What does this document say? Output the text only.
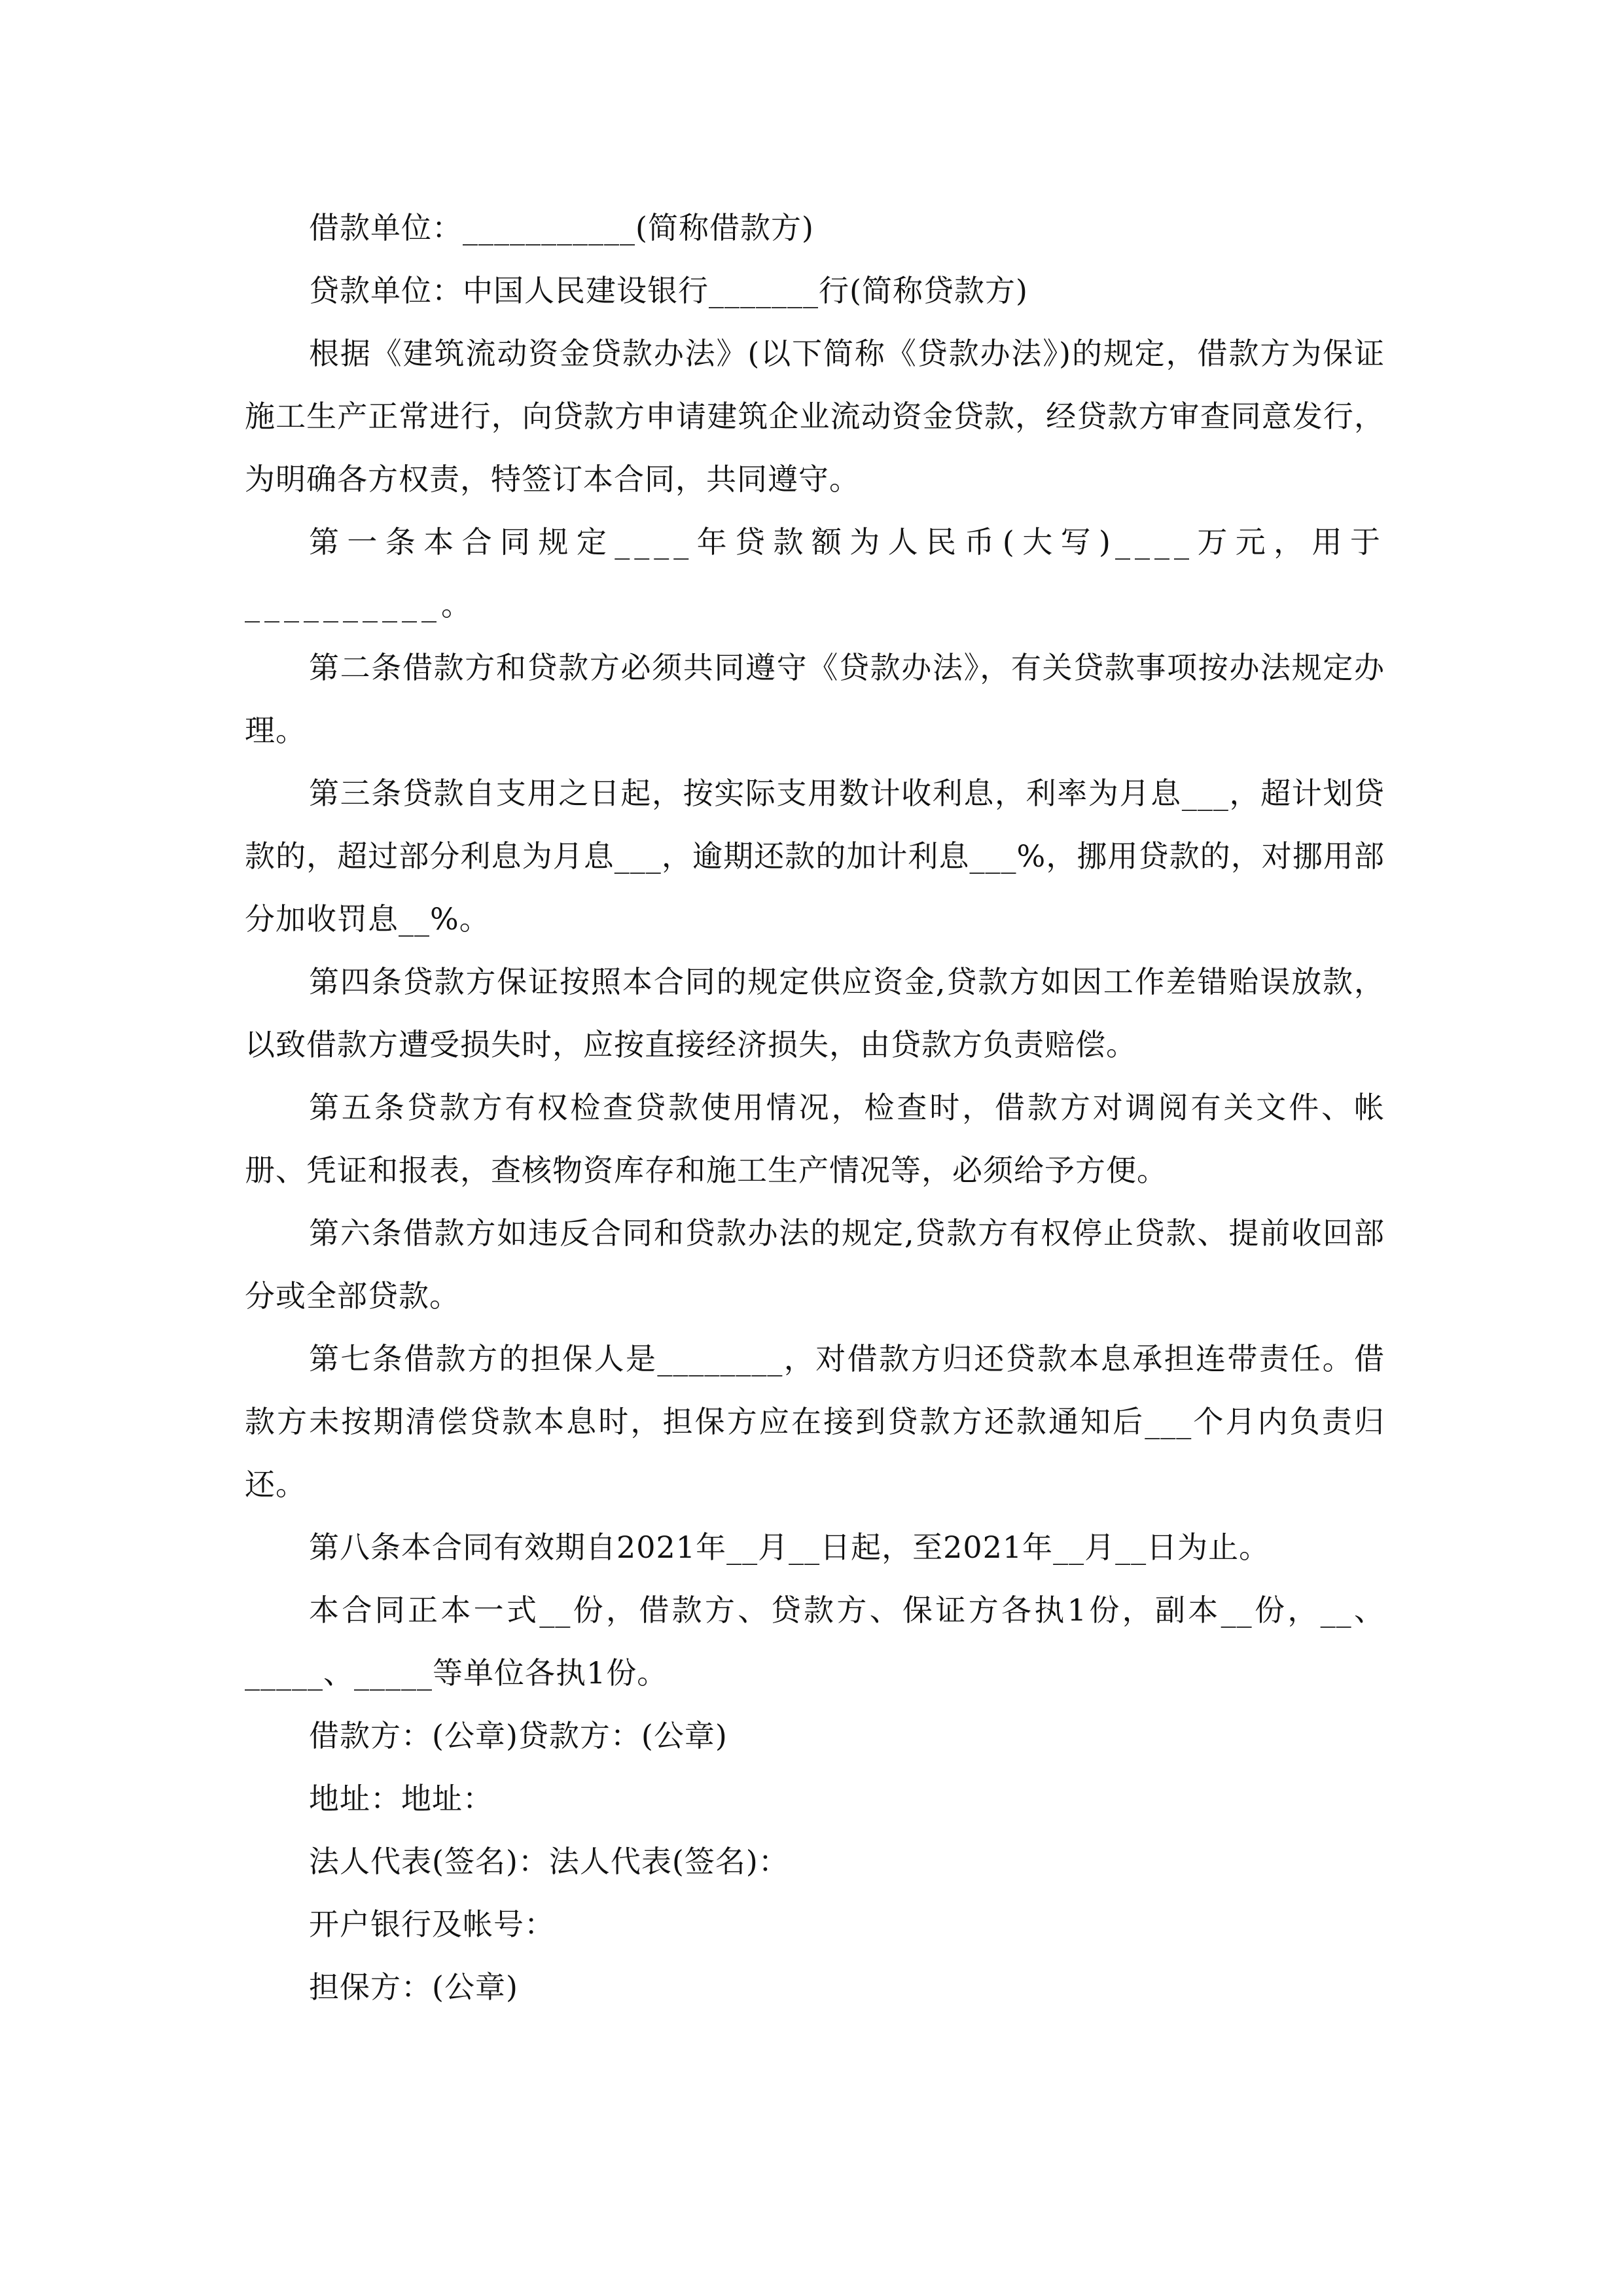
借款单位：___________(简称借款方)

贷款单位：中国人民建设银行_______行(简称贷款方)

根据《建筑流动资金贷款办法》(以下简称《贷款办法》)的规定，借款方为保证施工生产正常进行，向贷款方申请建筑企业流动资金贷款，经贷款方审查同意发行，为明确各方权责，特签订本合同，共同遵守。

第一条本合同规定____年贷款额为人民币(大写)____万元，用于__________。

第二条借款方和贷款方必须共同遵守《贷款办法》，有关贷款事项按办法规定办理。

第三条贷款自支用之日起，按实际支用数计收利息，利率为月息___，超计划贷款的，超过部分利息为月息___，逾期还款的加计利息___%，挪用贷款的，对挪用部分加收罚息__%。

第四条贷款方保证按照本合同的规定供应资金,贷款方如因工作差错贻误放款，以致借款方遭受损失时，应按直接经济损失，由贷款方负责赔偿。

第五条贷款方有权检查贷款使用情况，检查时，借款方对调阅有关文件、帐册、凭证和报表，查核物资库存和施工生产情况等，必须给予方便。

第六条借款方如违反合同和贷款办法的规定,贷款方有权停止贷款、提前收回部分或全部贷款。

第七条借款方的担保人是________，对借款方归还贷款本息承担连带责任。借款方未按期清偿贷款本息时，担保方应在接到贷款方还款通知后___个月内负责归还。

第八条本合同有效期自2021年__月__日起，至2021年__月__日为止。

本合同正本一式__份，借款方、贷款方、保证方各执1份，副本__份，__、_____、_____等单位各执1份。

借款方：(公章)贷款方：(公章)

地址：地址：

法人代表(签名)：法人代表(签名)：

开户银行及帐号：

担保方：(公章)
